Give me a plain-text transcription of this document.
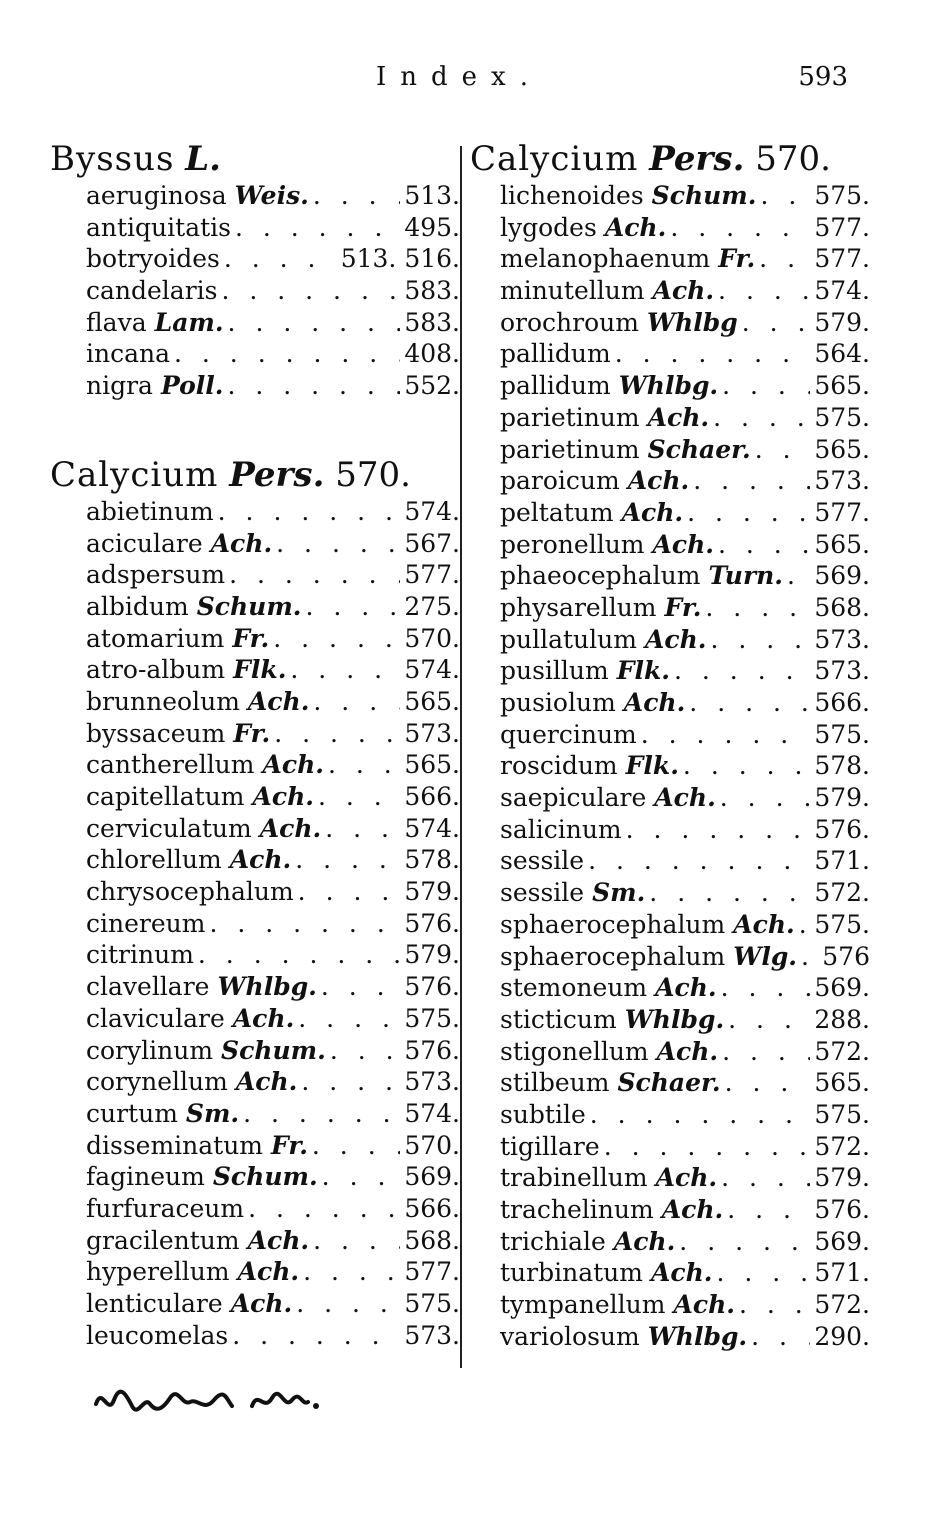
Index.	593
Byssus L.
aeruginosa Weis. . . .	513.
antiquitatis . . .	495.
botryoides . . .	513. 516.
candelaris . . .	583.
flava Lam. . . .	583.
incana . . .	408.
nigra Poll. . . .	552.
Calycium Pers. 570.
abietinum . . .	574.
aciculare Ach. . . .	567.
adspersum . . .	577.
albidum Schum. . . .	275.
atomarium Fr. . . .	570.
atro-album Flk. . . .	574.
brunneolum Ach. . . .	565.
byssaceum Fr. . . .	573.
cantherellum Ach. . . .	565.
capitellatum Ach. . . .	566.
cerviculatum Ach. . . .	574.
chlorellum Ach. . . .	578.
chrysocephalum . . .	579.
cinereum . . .	576.
citrinum . . .	579.
clavellare Whlbg. . . .	576.
claviculare Ach. . . .	575.
corylinum Schum. . . .	576.
corynellum Ach. . . .	573.
curtum Sm. . . .	574.
disseminatum Fr. . . .	570.
fagineum Schum. . . .	569.
furfuraceum . . .	566.
gracilentum Ach. . . .	568.
hyperellum Ach. . . .	577.
lenticulare Ach. . . .	575.
leucomelas . . .	573.
Calycium Pers. 570.
lichenoides Schum. . . . 575.
lygodes Ach. . . .	577.
melanophaenum Fr. . . . 577.
minutellum Ach. . . .	574.
orochroum Whlbg . . .	579.
pallidum . . .	564.
pallidum Whlbg. . . .	565.
parietinum Ach. . . .	575.
parietinum Schaer. . . .	565.
paroicum Ach. . . .	573.
peltatum Ach. . . .	577.
peronellum Ach. . . .	565.
phaeocephalum Turn. . . . 569.
physarellum Fr. . . .	568.
pullatulum Ach. . . .	573.
pusillum Flk. . . .	573.
pusiolum Ach. . . .	566.
quercinum . . .	575.
roscidum Flk. . . .	578.
saepiculare Ach. . . .	579.
salicinum . . .	576.
sessile . . .	571.
sessile Sm. . . .	572.
sphaerocephalum Ach. . . . 575.
sphaerocephalum Wlg. . . . 576
stemoneum Ach. . . .	569.
sticticum Whlbg. . . .	288.
stigonellum Ach. . . .	572.
stilbeum Schaer. . . .	565.
subtile . . .	575.
tigillare . . .	572.
trabinellum Ach. . . .	579.
trachelinum Ach. . . .	576.
trichiale Ach. . . .	569.
turbinatum Ach. . . .	571.
tympanellum Ach. . . .	572.
variolosum Whlbg. . . .	290.
